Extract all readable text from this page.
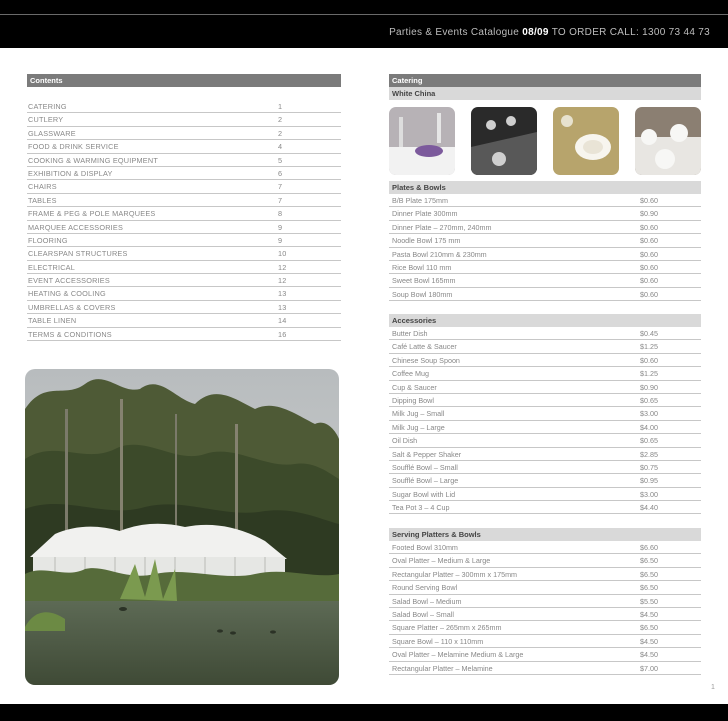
Parties & Events Catalogue 08/09 TO ORDER CALL: 1300 73 44 73
Contents
CATERING	1
CUTLERY	2
GLASSWARE	2
FOOD & DRINK SERVICE	4
COOKING & WARMING EQUIPMENT	5
EXHIBITION & DISPLAY	6
CHAIRS	7
TABLES	7
FRAME & PEG & POLE MARQUEES	8
MARQUEE ACCESSORIES	9
FLOORING	9
CLEARSPAN STRUCTURES	10
ELECTRICAL	12
EVENT ACCESSORIES	12
HEATING & COOLING	13
UMBRELLAS & COVERS	13
TABLE LINEN	14
TERMS & CONDITIONS	16
Catering
White China
Plates & Bowls
B/B Plate 175mm	$0.60
Dinner Plate 300mm	$0.90
Dinner Plate – 270mm, 240mm	$0.60
Noodle Bowl 175 mm	$0.60
Pasta Bowl 210mm & 230mm	$0.60
Rice Bowl 110 mm	$0.60
Sweet Bowl 165mm	$0.60
Soup Bowl 180mm	$0.60
Accessories
Butter Dish	$0.45
Café Latte & Saucer	$1.25
Chinese Soup Spoon	$0.60
Coffee Mug	$1.25
Cup & Saucer	$0.90
Dipping Bowl	$0.65
Milk Jug – Small	$3.00
Milk Jug – Large	$4.00
Oil Dish	$0.65
Salt & Pepper Shaker	$2.85
Soufflé Bowl – Small	$0.75
Soufflé Bowl – Large	$0.95
Sugar Bowl with Lid	$3.00
Tea Pot 3 – 4 Cup	$4.40
Serving Platters & Bowls
Footed Bowl 310mm	$6.60
Oval Platter – Medium & Large	$6.50
Rectangular Platter – 300mm x 175mm	$6.50
Round Serving Bowl	$6.50
Salad Bowl – Medium	$5.50
Salad Bowl – Small	$4.50
Square Platter – 265mm x 265mm	$6.50
Square Bowl – 110 x 110mm	$4.50
Oval Platter – Melamine Medium & Large	$4.50
Rectangular Platter – Melamine	$7.00
1
